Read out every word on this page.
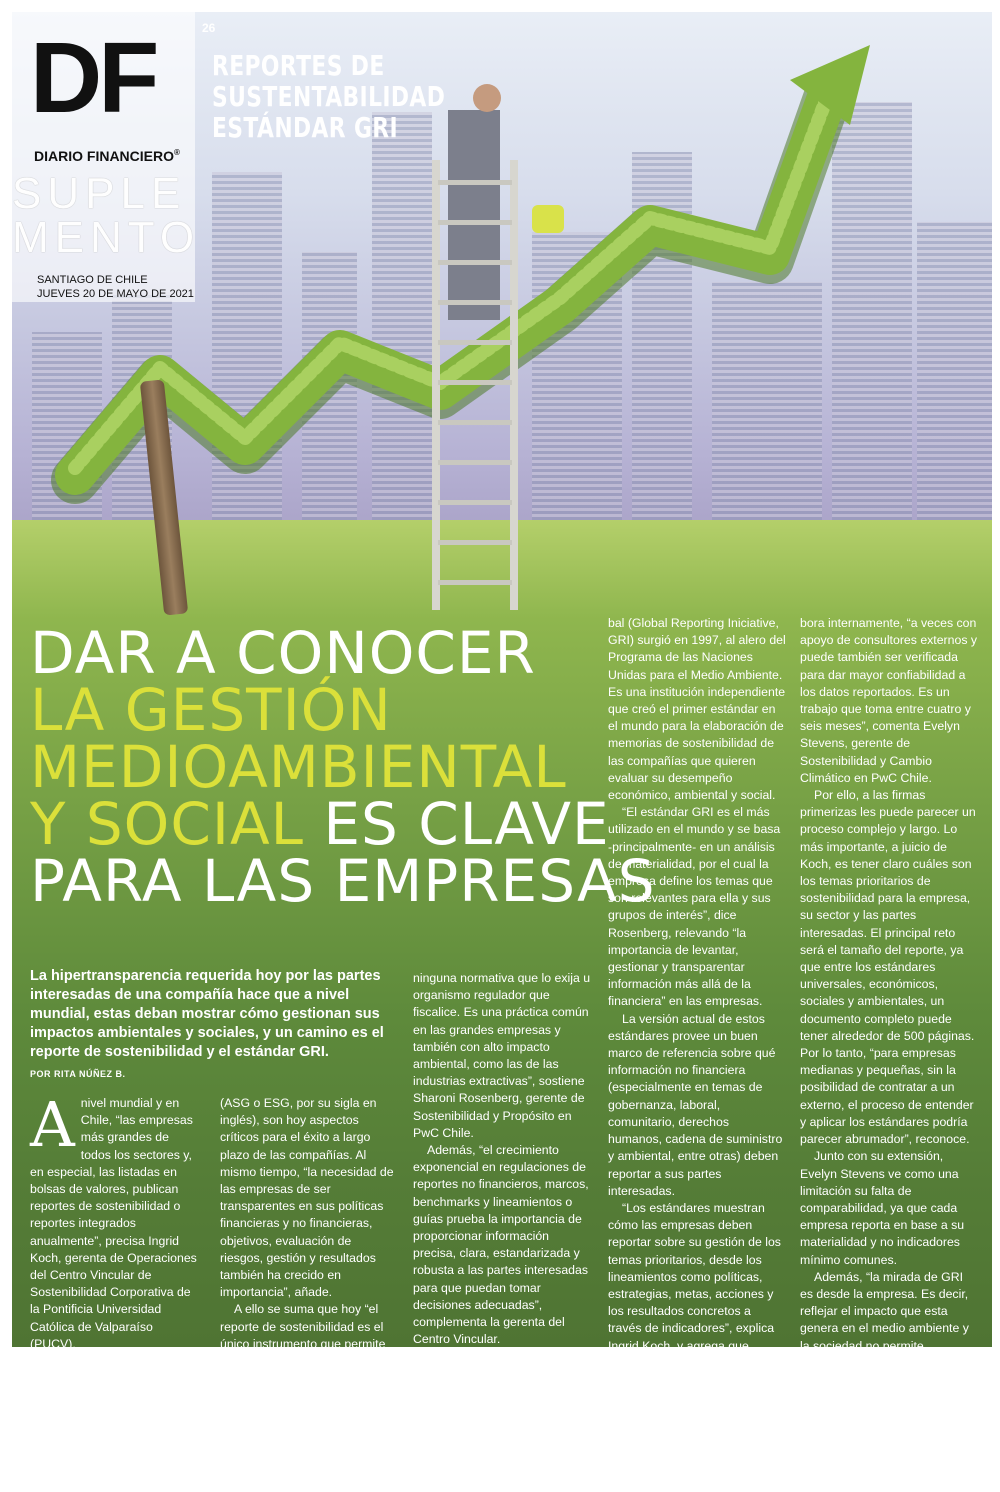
DF
DIARIO FINANCIERO®
SUPLE
MENTO
SANTIAGO DE CHILE
JUEVES 20 DE MAYO DE 2021
26
REPORTES DE
SUSTENTABILIDAD
ESTÁNDAR GRI
DAR A CONOCER
LA GESTIÓN
MEDIOAMBIENTAL
Y SOCIAL ES CLAVE
PARA LAS EMPRESAS
La hipertransparencia requerida hoy por las partes interesadas de una compañía hace que a nivel mundial, estas deban mostrar cómo gestionan sus impactos ambientales y sociales, y un camino es el reporte de sostenibilidad y el estándar GRI.
POR RITA NÚÑEZ B.

Anivel mundial y en Chile, “las empresas más grandes de todos los sectores y, en especial, las listadas en bolsas de valores, publican reportes de sostenibilidad o reportes integrados anualmente”, precisa Ingrid Koch, gerenta de Operaciones del Centro Vincular de Sostenibilidad Corporativa de la Pontificia Universidad Católica de Valparaíso (PUCV).

Y es que los temas ambientales, sociales y de gobernanza

(ASG o ESG, por su sigla en inglés), son hoy aspectos críticos para el éxito a largo plazo de las compañías. Al mismo tiempo, “la necesidad de las empresas de ser transparentes en sus políticas financieras y no financieras, objetivos, evaluación de riesgos, gestión y resultados también ha crecido en importancia”, añade.

A ello se suma que hoy “el reporte de sostenibilidad es el único instrumento que permite a la empresa mostrar su desempeño ambiental, ya que no existe

ninguna normativa que lo exija u organismo regulador que fiscalice. Es una práctica común en las grandes empresas y también con alto impacto ambiental, como las de las industrias extractivas”, sostiene Sharoni Rosenberg, gerente de Sostenibilidad y Propósito en PwC Chile.

Además, “el crecimiento exponencial en regulaciones de reportes no financieros, marcos, benchmarks y lineamientos o guías prueba la importancia de proporcionar información precisa, clara, estandarizada y robusta a las partes interesadas para que puedan tomar decisiones adecuadas”, complementa la gerenta del Centro Vincular.

El estándar GRI

La Iniciativa de Reporte Glo-

bal (Global Reporting Iniciative, GRI) surgió en 1997, al alero del Programa de las Naciones Unidas para el Medio Ambiente. Es una institución independiente que creó el primer estándar en el mundo para la elaboración de memorias de sostenibilidad de las compañías que quieren evaluar su desempeño económico, ambiental y social.

“El estándar GRI es el más utilizado en el mundo y se basa -principalmente- en un análisis de materialidad, por el cual la empresa define los temas que son relevantes para ella y sus grupos de interés”, dice Rosenberg, relevando “la importancia de levantar, gestionar y transparentar información más allá de la financiera” en las empresas.

La versión actual de estos estándares provee un buen marco de referencia sobre qué información no financiera (especialmente en temas de gobernanza, laboral, comunitario, derechos humanos, cadena de suministro y ambiental, entre otras) deben reportar a sus partes interesadas.

“Los estándares muestran cómo las empresas deben reportar sobre su gestión de los temas prioritarios, desde los lineamientos como políticas, estrategias, metas, acciones y los resultados concretos a través de indicadores”, explica Ingrid Koch, y agrega que exigen transparencia en las directrices de gestión y los objetivos/metas también mirando hacia el futuro.

Elaboración de un reporte

Un reporte de este tipo se ela-

bora internamente, “a veces con apoyo de consultores externos y puede también ser verificada para dar mayor confiabilidad a los datos reportados. Es un trabajo que toma entre cuatro y seis meses”, comenta Evelyn Stevens, gerente de Sostenibilidad y Cambio Climático en PwC Chile.

Por ello, a las firmas primerizas les puede parecer un proceso complejo y largo. Lo más importante, a juicio de Koch, es tener claro cuáles son los temas prioritarios de sostenibilidad para la empresa, su sector y las partes interesadas. El principal reto será el tamaño del reporte, ya que entre los estándares universales, económicos, sociales y ambientales, un documento completo puede tener alrededor de 500 páginas. Por lo tanto, “para empresas medianas y pequeñas, sin la posibilidad de contratar a un externo, el proceso de entender y aplicar los estándares podría parecer abrumador”, reconoce.

Junto con su extensión, Evelyn Stevens ve como una limitación su falta de comparabilidad, ya que cada empresa reporta en base a su materialidad y no indicadores mínimo comunes.

Además, “la mirada de GRI es desde la empresa. Es decir, reflejar el impacto que esta genera en el medio ambiente y la sociedad no permite visualizar cómo el medio ambiente impacta a la empresa y pone en riesgo su continuidad en la sociedad, visión de otros indicadores como TCFD, que por esta misma razón está marcando tendencia en el mundo”, evalúa Stevens.
